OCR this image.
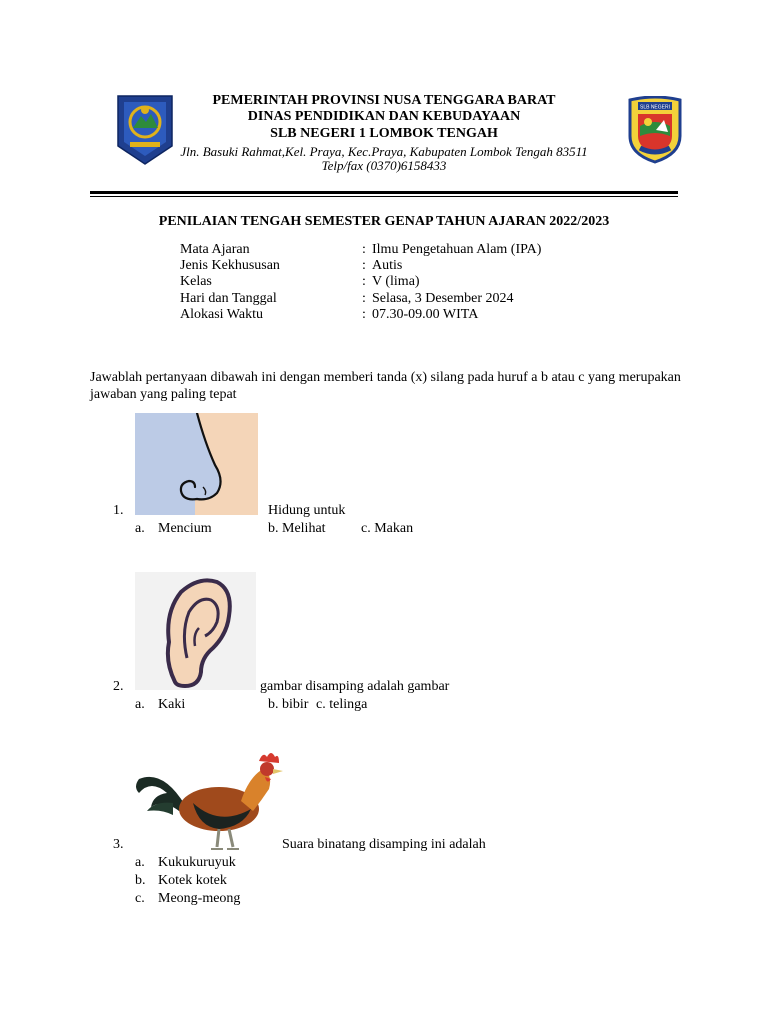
PEMERINTAH PROVINSI NUSA TENGGARA BARAT
DINAS PENDIDIKAN DAN KEBUDAYAAN
SLB NEGERI 1 LOMBOK TENGAH
Jln. Basuki Rahmat,Kel. Praya, Kec.Praya, Kabupaten Lombok Tengah 83511
Telp/fax (0370)6158433
SLB NEGERI
PENILAIAN TENGAH SEMESTER GENAP TAHUN AJARAN 2022/2023
Mata Ajaran	: Ilmu Pengetahuan Alam (IPA)
Jenis Kekhususan	: Autis
Kelas	: V (lima)
Hari dan Tanggal	: Selasa, 3 Desember 2024
Alokasi Waktu	: 07.30-09.00 WITA
Jawablah pertanyaan dibawah ini dengan memberi tanda (x) silang pada huruf a b atau c yang merupakan
jawaban yang paling tepat
1.	Hidung untuk
a. Mencium	b. Melihat	c. Makan
2.	gambar disamping adalah gambar
a. Kaki	b. bibir c. telinga
3.	Suara binatang disamping ini adalah
a. Kukukuruyuk
b. Kotek kotek
c. Meong-meong
